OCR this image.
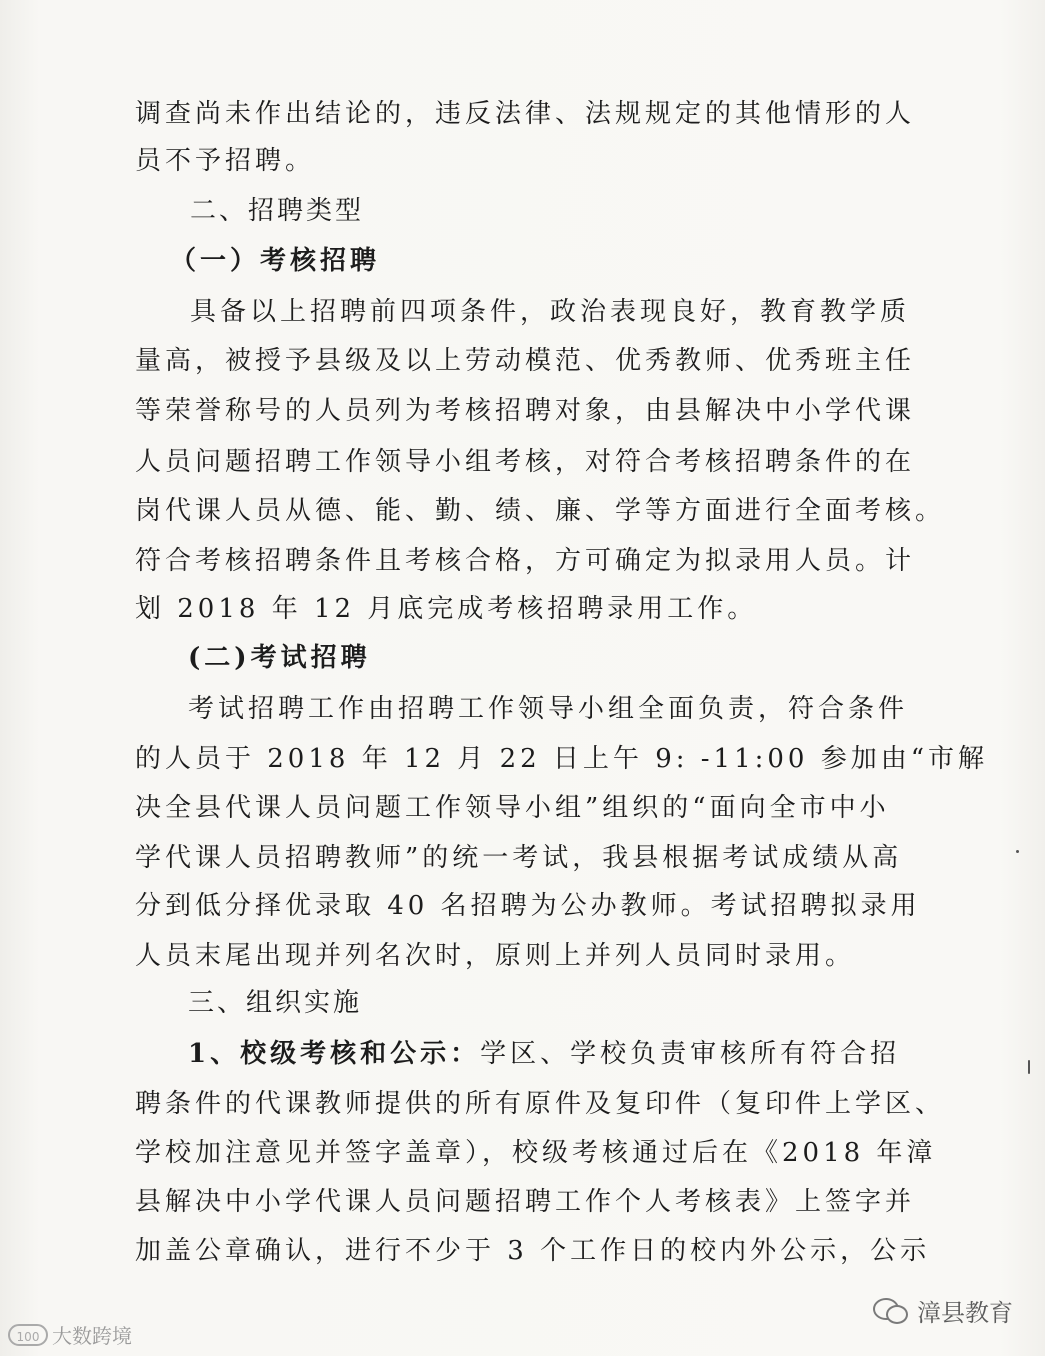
调查尚未作出结论的，违反法律、法规规定的其他情形的人
员不予招聘。
二、招聘类型
（一）考核招聘
具备以上招聘前四项条件，政治表现良好，教育教学质
量高，被授予县级及以上劳动模范、优秀教师、优秀班主任
等荣誉称号的人员列为考核招聘对象，由县解决中小学代课
人员问题招聘工作领导小组考核，对符合考核招聘条件的在
岗代课人员从德、能、勤、绩、廉、学等方面进行全面考核。
符合考核招聘条件且考核合格，方可确定为拟录用人员。计
划 2018 年 12 月底完成考核招聘录用工作。
(二)考试招聘
考试招聘工作由招聘工作领导小组全面负责，符合条件
的人员于 2018 年 12 月 22 日上午 9: -11:00 参加由“市解
决全县代课人员问题工作领导小组”组织的“面向全市中小
学代课人员招聘教师”的统一考试，我县根据考试成绩从高
分到低分择优录取 40 名招聘为公办教师。考试招聘拟录用
人员末尾出现并列名次时，原则上并列人员同时录用。
三、组织实施
1、校级考核和公示：学区、学校负责审核所有符合招
聘条件的代课教师提供的所有原件及复印件（复印件上学区、
学校加注意见并签字盖章），校级考核通过后在《2018 年漳
县解决中小学代课人员问题招聘工作个人考核表》上签字并
加盖公章确认，进行不少于 3 个工作日的校内外公示，公示
漳县教育
100 大数跨境
